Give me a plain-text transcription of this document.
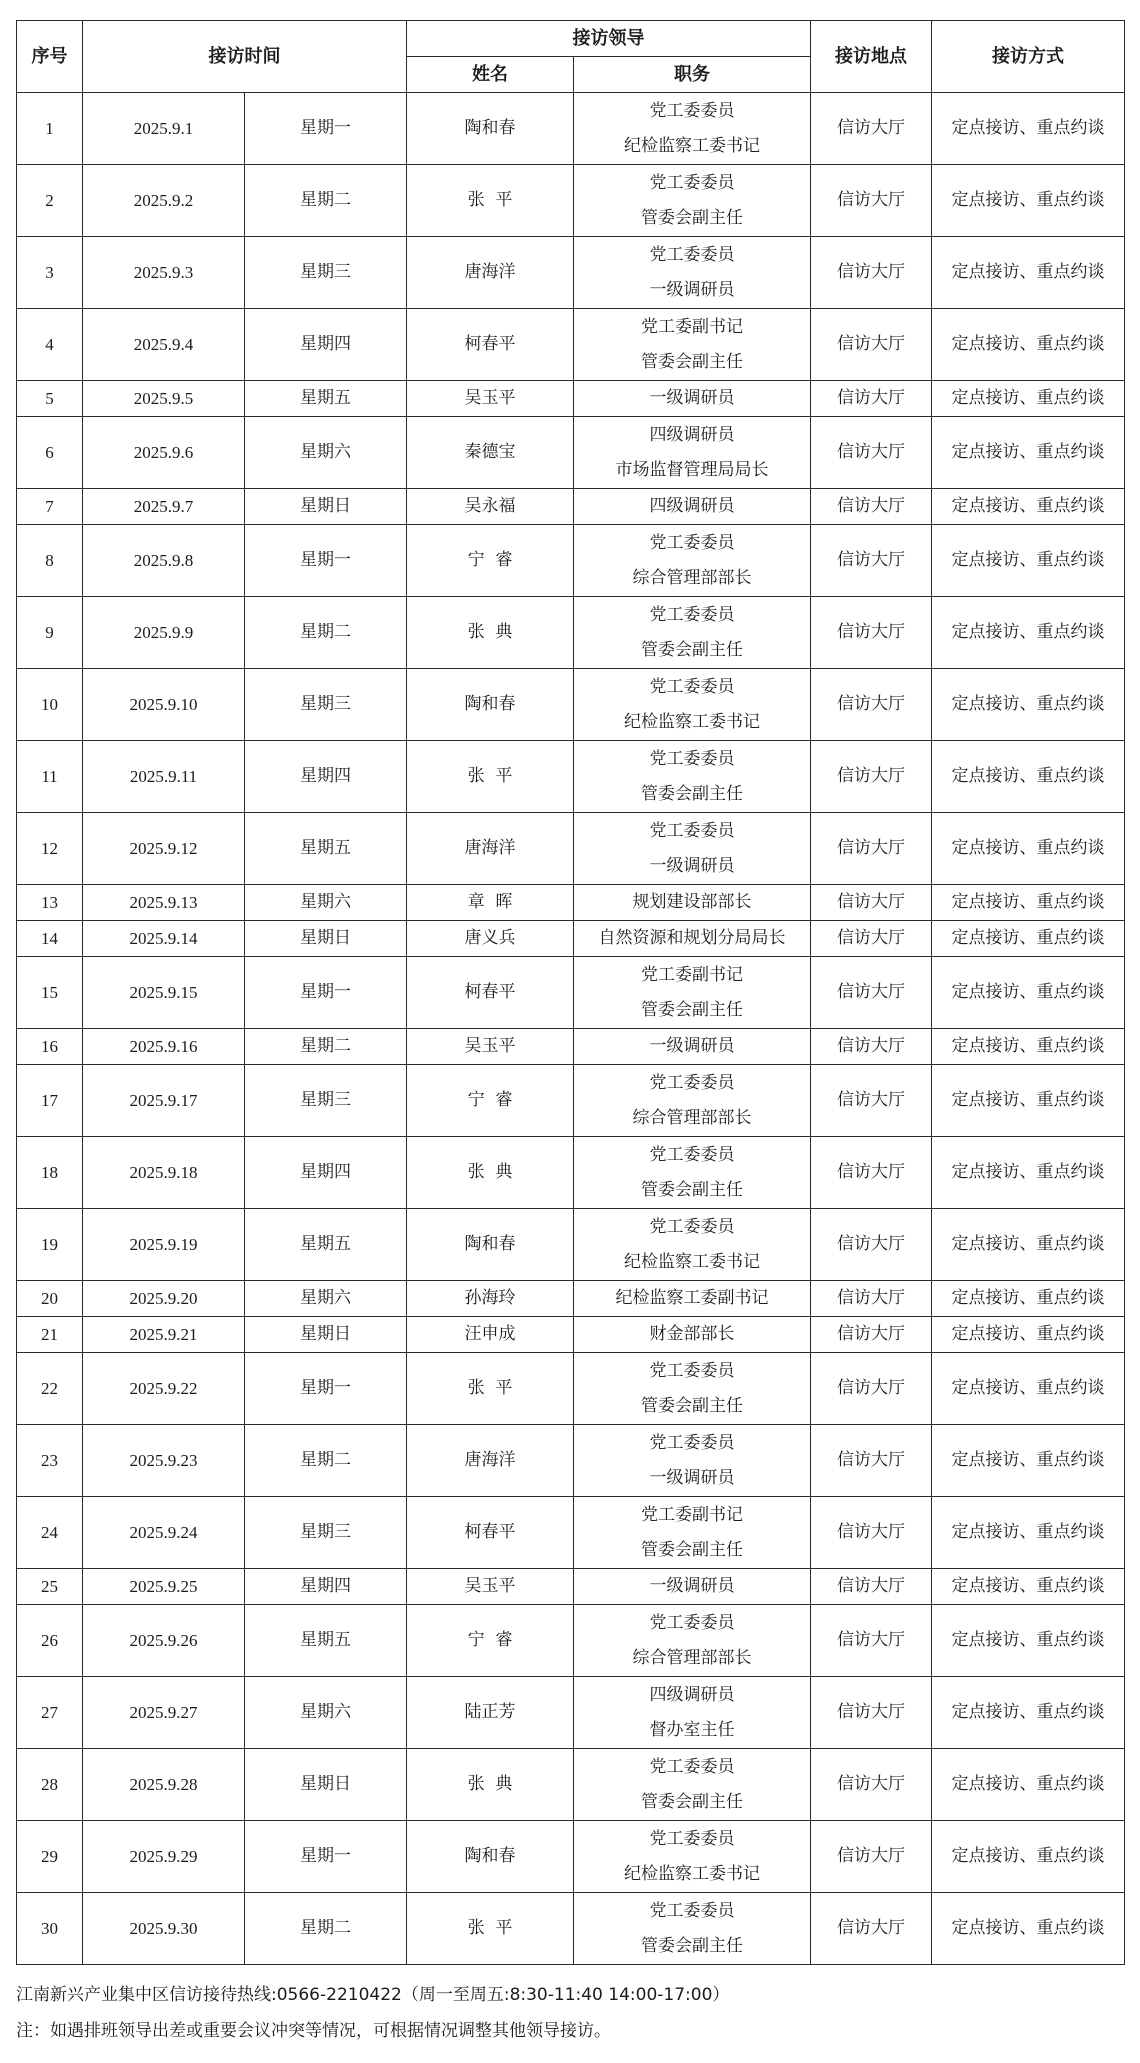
序号	接访时间		接访领导		接访地点	接访方式
			姓名	职务		
1	2025.9.1	星期一	陶和春	党工委委员
纪检监察工委书记	信访大厅	定点接访、重点约谈
2	2025.9.2	星期二	张  平	党工委委员
管委会副主任	信访大厅	定点接访、重点约谈
3	2025.9.3	星期三	唐海洋	党工委委员
一级调研员	信访大厅	定点接访、重点约谈
4	2025.9.4	星期四	柯春平	党工委副书记
管委会副主任	信访大厅	定点接访、重点约谈
5	2025.9.5	星期五	吴玉平	一级调研员	信访大厅	定点接访、重点约谈
6	2025.9.6	星期六	秦德宝	四级调研员
市场监督管理局局长	信访大厅	定点接访、重点约谈
7	2025.9.7	星期日	吴永福	四级调研员	信访大厅	定点接访、重点约谈
8	2025.9.8	星期一	宁  睿	党工委委员
综合管理部部长	信访大厅	定点接访、重点约谈
9	2025.9.9	星期二	张  典	党工委委员
管委会副主任	信访大厅	定点接访、重点约谈
10	2025.9.10	星期三	陶和春	党工委委员
纪检监察工委书记	信访大厅	定点接访、重点约谈
11	2025.9.11	星期四	张  平	党工委委员
管委会副主任	信访大厅	定点接访、重点约谈
12	2025.9.12	星期五	唐海洋	党工委委员
一级调研员	信访大厅	定点接访、重点约谈
13	2025.9.13	星期六	章  晖	规划建设部部长	信访大厅	定点接访、重点约谈
14	2025.9.14	星期日	唐义兵	自然资源和规划分局局长	信访大厅	定点接访、重点约谈
15	2025.9.15	星期一	柯春平	党工委副书记
管委会副主任	信访大厅	定点接访、重点约谈
16	2025.9.16	星期二	吴玉平	一级调研员	信访大厅	定点接访、重点约谈
17	2025.9.17	星期三	宁  睿	党工委委员
综合管理部部长	信访大厅	定点接访、重点约谈
18	2025.9.18	星期四	张  典	党工委委员
管委会副主任	信访大厅	定点接访、重点约谈
19	2025.9.19	星期五	陶和春	党工委委员
纪检监察工委书记	信访大厅	定点接访、重点约谈
20	2025.9.20	星期六	孙海玲	纪检监察工委副书记	信访大厅	定点接访、重点约谈
21	2025.9.21	星期日	汪申成	财金部部长	信访大厅	定点接访、重点约谈
22	2025.9.22	星期一	张  平	党工委委员
管委会副主任	信访大厅	定点接访、重点约谈
23	2025.9.23	星期二	唐海洋	党工委委员
一级调研员	信访大厅	定点接访、重点约谈
24	2025.9.24	星期三	柯春平	党工委副书记
管委会副主任	信访大厅	定点接访、重点约谈
25	2025.9.25	星期四	吴玉平	一级调研员	信访大厅	定点接访、重点约谈
26	2025.9.26	星期五	宁  睿	党工委委员
综合管理部部长	信访大厅	定点接访、重点约谈
27	2025.9.27	星期六	陆正芳	四级调研员
督办室主任	信访大厅	定点接访、重点约谈
28	2025.9.28	星期日	张  典	党工委委员
管委会副主任	信访大厅	定点接访、重点约谈
29	2025.9.29	星期一	陶和春	党工委委员
纪检监察工委书记	信访大厅	定点接访、重点约谈
30	2025.9.30	星期二	张  平	党工委委员
管委会副主任	信访大厅	定点接访、重点约谈
江南新兴产业集中区信访接待热线:0566-2210422（周一至周五:8:30-11:40 14:00-17:00）
注：如遇排班领导出差或重要会议冲突等情况，可根据情况调整其他领导接访。
